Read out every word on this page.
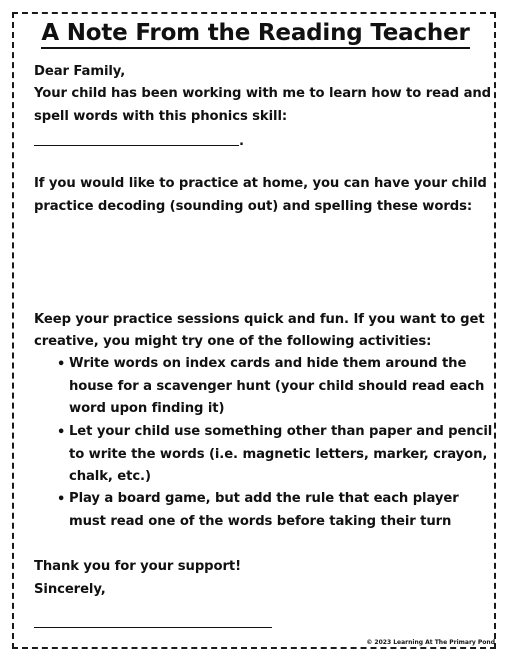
A Note From the Reading Teacher
Dear Family,
Your child has been working with me to learn how to read and
spell words with this phonics skill:
.
If you would like to practice at home, you can have your child
practice decoding (sounding out) and spelling these words:
Keep your practice sessions quick and fun. If you want to get
creative, you might try one of the following activities:
• Write words on index cards and hide them around the
house for a scavenger hunt (your child should read each
word upon finding it)
• Let your child use something other than paper and pencil
to write the words (i.e. magnetic letters, marker, crayon,
chalk, etc.)
• Play a board game, but add the rule that each player
must read one of the words before taking their turn
Thank you for your support!
Sincerely,
© 2023 Learning At The Primary Pond
